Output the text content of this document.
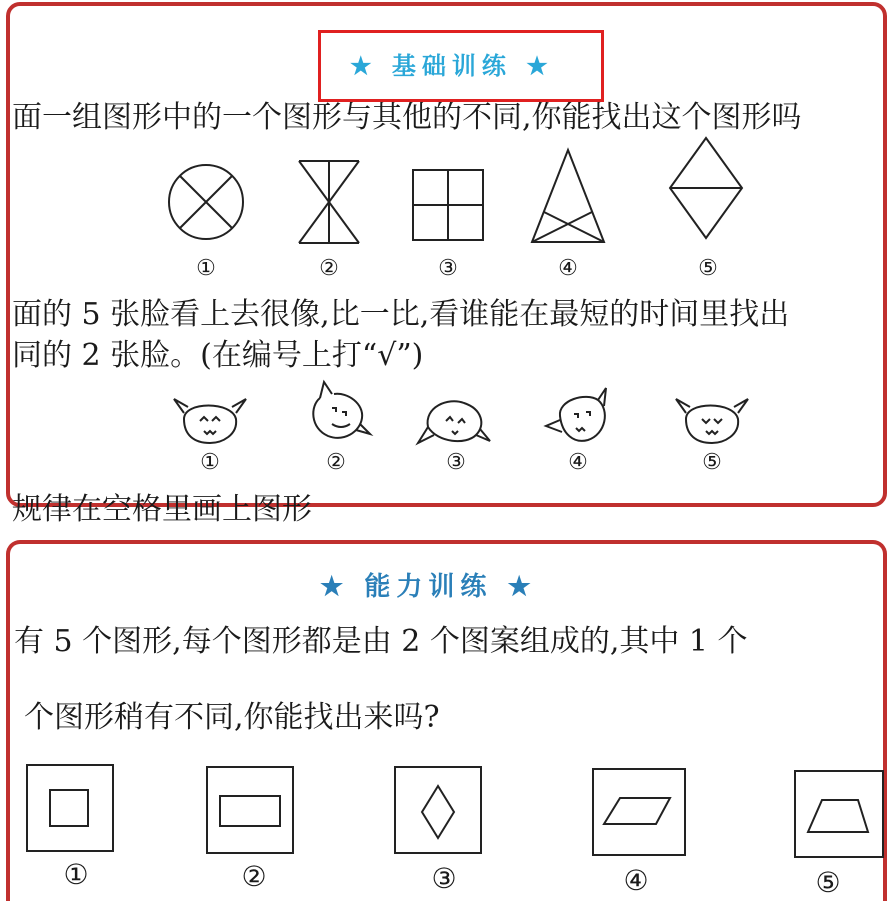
★ 基础训练 ★
面一组图形中的一个图形与其他的不同,你能找出这个图形吗
①	②	③	④	⑤
面的 5 张脸看上去很像,比一比,看谁能在最短的时间里找出
同的 2 张脸。(在编号上打“√”)
①	②	③	④	⑤
规律在空格里画上图形
★ 能力训练 ★
有 5 个图形,每个图形都是由 2 个图案组成的,其中 1 个
个图形稍有不同,你能找出来吗?
①	②	③	④	⑤
